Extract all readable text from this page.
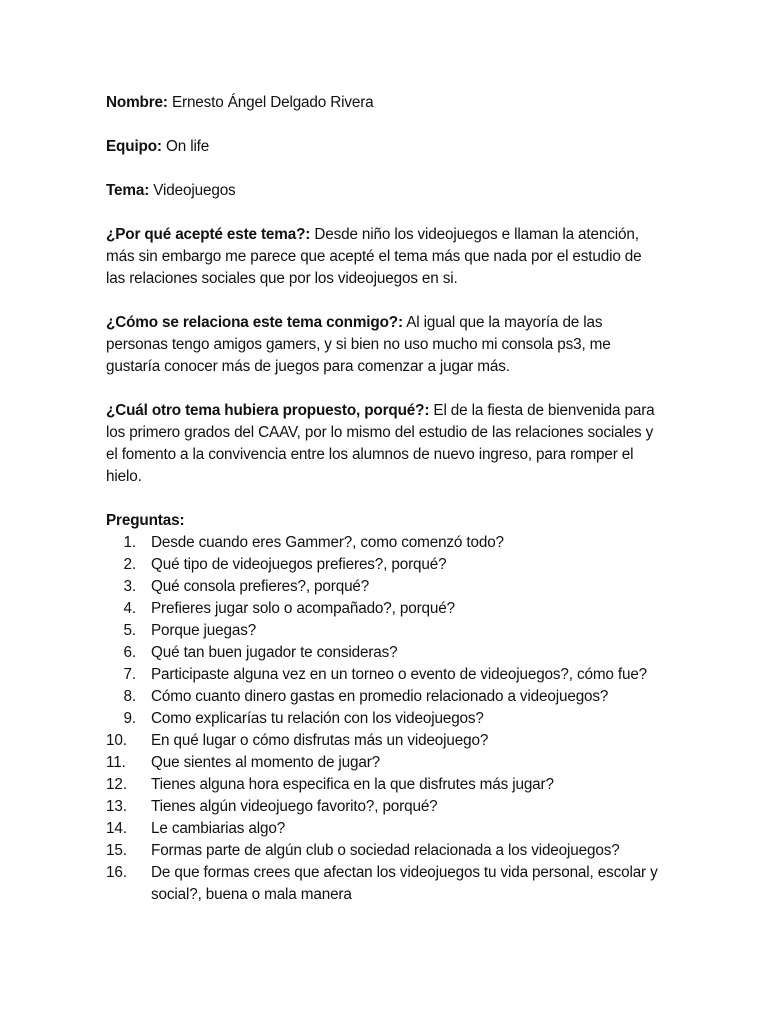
Nombre: Ernesto Ángel Delgado Rivera
Equipo: On life
Tema: Videojuegos
¿Por qué acepté este tema?: Desde niño los videojuegos e llaman la atención, más sin embargo me parece que acepté el tema más que nada por el estudio de las relaciones sociales que por los videojuegos en si.
¿Cómo se relaciona este tema conmigo?: Al igual que la mayoría de las personas tengo amigos gamers, y si bien no uso mucho mi consola ps3, me gustaría conocer más de juegos para comenzar a jugar más.
¿Cuál otro tema hubiera propuesto, porqué?: El de la fiesta de bienvenida para los primero grados del CAAV, por lo mismo del estudio de las relaciones sociales y el fomento a la convivencia entre los alumnos de nuevo ingreso, para romper el hielo.

Preguntas:

1. Desde cuando eres Gammer?, como comenzó todo?
2. Qué tipo de videojuegos prefieres?, porqué?
3. Qué consola prefieres?, porqué?
4. Prefieres jugar solo o acompañado?, porqué?
5. Porque juegas?
6. Qué tan buen jugador te consideras?
7. Participaste alguna vez en un torneo o evento de videojuegos?, cómo fue?
8. Cómo cuanto dinero gastas en promedio relacionado a videojuegos?
9. Como explicarías tu relación con los videojuegos?
10.	En qué lugar o cómo disfrutas más un videojuego?
11.	Que sientes al momento de jugar?
12.	Tienes alguna hora especifica en la que disfrutes más jugar?
13.	Tienes algún videojuego favorito?, porqué?
14.	Le cambiarias algo?
15.	Formas parte de algún club o sociedad relacionada a los videojuegos?
16.	De que formas crees que afectan los videojuegos tu vida personal, escolar y social?, buena o mala manera
